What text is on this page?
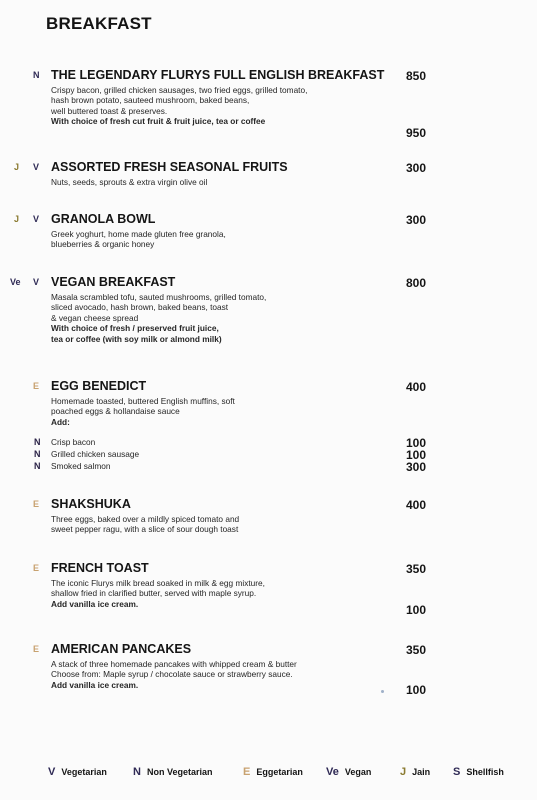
BREAKFAST
N THE LEGENDARY FLURYS FULL ENGLISH BREAKFAST 850
Crispy bacon, grilled chicken sausages, two fried eggs, grilled tomato,
hash brown potato, sauteed mushroom, baked beans,
well buttered toast & preserves.
With choice of fresh cut fruit & fruit juice, tea or coffee
950
J V ASSORTED FRESH SEASONAL FRUITS	300
Nuts, seeds, sprouts & extra virgin olive oil
J V GRANOLA BOWL	300
Greek yoghurt, home made gluten free granola,
blueberries & organic honey
Ve V VEGAN BREAKFAST	800
Masala scrambled tofu, sauted mushrooms, grilled tomato,
sliced avocado, hash brown, baked beans, toast
& vegan cheese spread
With choice of fresh / preserved fruit juice,
tea or coffee (with soy milk or almond milk)
E EGG BENEDICT	400
Homemade toasted, buttered English muffins, soft
poached eggs & hollandaise sauce
Add:
N Crisp bacon	100
N Grilled chicken sausage	100
N Smoked salmon	300
E SHAKSHUKA	400
Three eggs, baked over a mildly spiced tomato and
sweet pepper ragu, with a slice of sour dough toast
E FRENCH TOAST	350
The iconic Flurys milk bread soaked in milk & egg mixture,
shallow fried in clarified butter, served with maple syrup.
Add vanilla ice cream.	100
E AMERICAN PANCAKES	350
A stack of three homemade pancakes with whipped cream & butter
Choose from: Maple syrup / chocolate sauce or strawberry sauce.
Add vanilla ice cream.	100
V Vegetarian N Non Vegetarian	E Eggetarian Ve Vegan	J Jain S Shellfish
